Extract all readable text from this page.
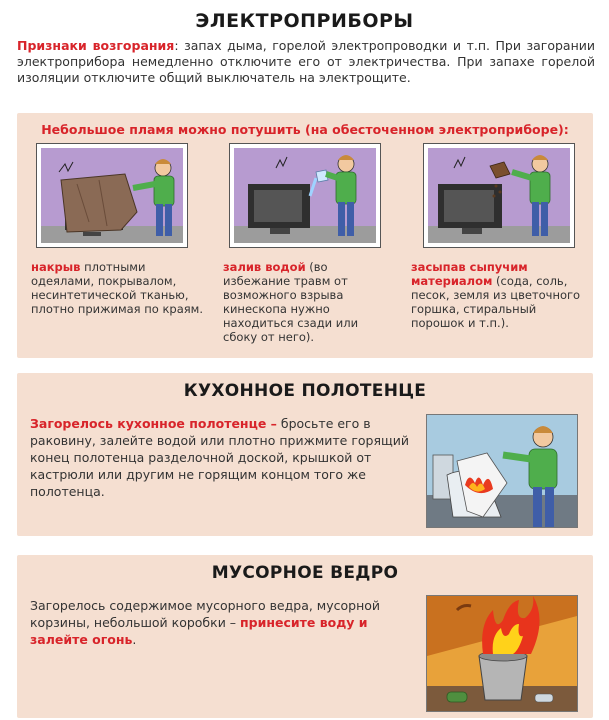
ЭЛЕКТРОПРИБОРЫ
Признаки возгорания: запах дыма, горелой электропроводки и т.п. При загорании электроприбора немедленно отключите его от электричества. При запахе горелой изоляции отключите общий выключатель на электрощите.
Небольшое пламя можно потушить (на обесточенном электроприборе):
накрыв плотными одеялами, покрывалом, несинтетической тканью, плотно прижимая по краям.
залив водой (во избежание травм от возможного взрыва кинескопа нужно находиться сзади или сбоку от него).
засыпав сыпучим материалом (сода, соль, песок, земля из цветочного горшка, стиральный порошок и т.п.).
КУХОННОЕ ПОЛОТЕНЦЕ
Загорелось кухонное полотенце – бросьте его в раковину, залейте водой или плотно прижмите горящий конец полотенца разделочной доской, крышкой от кастрюли или другим не горящим концом того же полотенца.
МУСОРНОЕ ВЕДРО
Загорелось содержимое мусорного ведра, мусорной корзины, небольшой коробки – принесите воду и залейте огонь.
